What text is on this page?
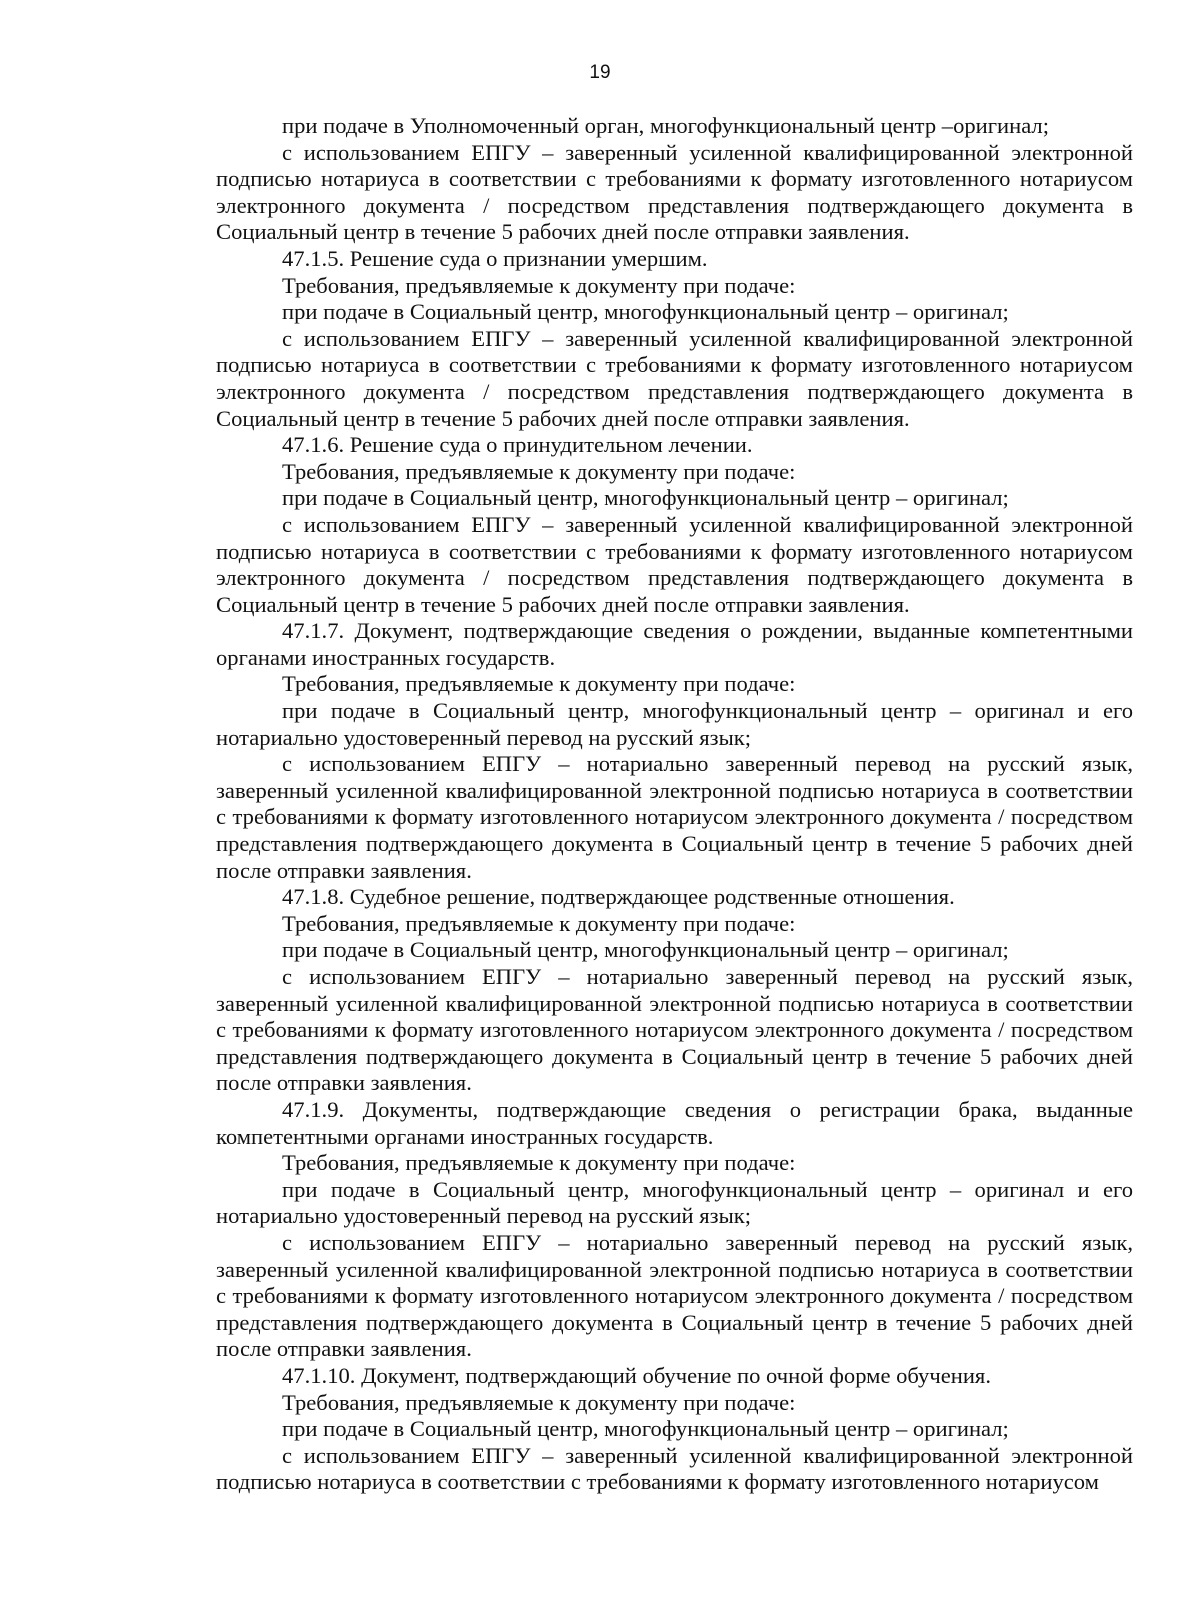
19

при подаче в Уполномоченный орган, многофункциональный центр –оригинал;

с использованием ЕПГУ – заверенный усиленной квалифицированной электронной подписью нотариуса в соответствии с требованиями к формату изготовленного нотариусом электронного документа / посредством представления подтверждающего документа в Социальный центр в течение 5 рабочих дней после отправки заявления.

47.1.5. Решение суда о признании умершим.

Требования, предъявляемые к документу при подаче:

при подаче в Социальный центр, многофункциональный центр – оригинал;

с использованием ЕПГУ – заверенный усиленной квалифицированной электронной подписью нотариуса в соответствии с требованиями к формату изготовленного нотариусом электронного документа / посредством представления подтверждающего документа в Социальный центр в течение 5 рабочих дней после отправки заявления.

47.1.6. Решение суда о принудительном лечении.

Требования, предъявляемые к документу при подаче:

при подаче в Социальный центр, многофункциональный центр – оригинал;

с использованием ЕПГУ – заверенный усиленной квалифицированной электронной подписью нотариуса в соответствии с требованиями к формату изготовленного нотариусом электронного документа / посредством представления подтверждающего документа в Социальный центр в течение 5 рабочих дней после отправки заявления.

47.1.7. Документ, подтверждающие сведения о рождении, выданные компетентными органами иностранных государств.

Требования, предъявляемые к документу при подаче:

при подаче в Социальный центр, многофункциональный центр – оригинал и его нотариально удостоверенный перевод на русский язык;

с использованием ЕПГУ – нотариально заверенный перевод на русский язык, заверенный усиленной квалифицированной электронной подписью нотариуса в соответствии с требованиями к формату изготовленного нотариусом электронного документа / посредством представления подтверждающего документа в Социальный центр в течение 5 рабочих дней после отправки заявления.

47.1.8. Судебное решение, подтверждающее родственные отношения.

Требования, предъявляемые к документу при подаче:

при подаче в Социальный центр, многофункциональный центр – оригинал;

с использованием ЕПГУ – нотариально заверенный перевод на русский язык, заверенный усиленной квалифицированной электронной подписью нотариуса в соответствии с требованиями к формату изготовленного нотариусом электронного документа / посредством представления подтверждающего документа в Социальный центр в течение 5 рабочих дней после отправки заявления.

47.1.9. Документы, подтверждающие сведения о регистрации брака, выданные компетентными органами иностранных государств.

Требования, предъявляемые к документу при подаче:

при подаче в Социальный центр, многофункциональный центр – оригинал и его нотариально удостоверенный перевод на русский язык;

с использованием ЕПГУ – нотариально заверенный перевод на русский язык, заверенный усиленной квалифицированной электронной подписью нотариуса в соответствии с требованиями к формату изготовленного нотариусом электронного документа / посредством представления подтверждающего документа в Социальный центр в течение 5 рабочих дней после отправки заявления.

47.1.10. Документ, подтверждающий обучение по очной форме обучения.

Требования, предъявляемые к документу при подаче:

при подаче в Социальный центр, многофункциональный центр – оригинал;

с использованием ЕПГУ – заверенный усиленной квалифицированной электронной подписью нотариуса в соответствии с требованиями к формату изготовленного нотариусом
